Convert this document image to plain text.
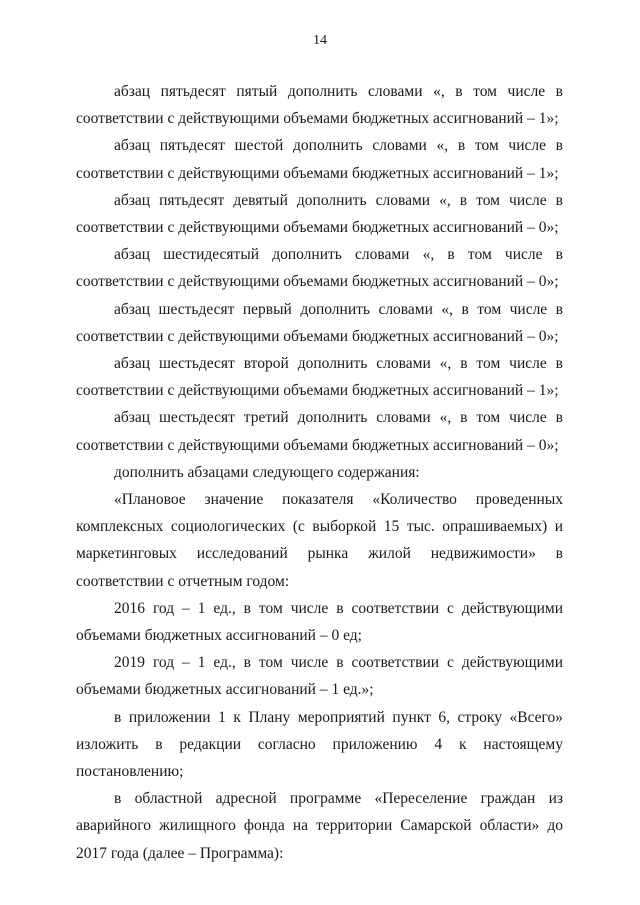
14

абзац пятьдесят пятый дополнить словами «, в том числе в соответствии с действующими объемами бюджетных ассигнований – 1»;

абзац пятьдесят шестой дополнить словами «, в том числе в соответствии с действующими объемами бюджетных ассигнований – 1»;

абзац пятьдесят девятый дополнить словами «, в том числе в соответствии с действующими объемами бюджетных ассигнований – 0»;

абзац шестидесятый дополнить словами «, в том числе в соответствии с действующими объемами бюджетных ассигнований – 0»;

абзац шестьдесят первый дополнить словами «, в том числе в соответствии с действующими объемами бюджетных ассигнований – 0»;

абзац шестьдесят второй дополнить словами «, в том числе в соответствии с действующими объемами бюджетных ассигнований – 1»;

абзац шестьдесят третий дополнить словами «, в том числе в соответствии с действующими объемами бюджетных ассигнований – 0»;

дополнить абзацами следующего содержания:

«Плановое значение показателя «Количество проведенных комплексных социологических (с выборкой 15 тыс. опрашиваемых) и маркетинговых исследований рынка жилой недвижимости» в соответствии с отчетным годом:

2016 год – 1 ед., в том числе в соответствии с действующими объемами бюджетных ассигнований – 0 ед;

2019 год – 1 ед., в том числе в соответствии с действующими объемами бюджетных ассигнований – 1 ед.»;

в приложении 1 к Плану мероприятий пункт 6, строку «Всего» изложить в редакции согласно приложению 4 к настоящему постановлению;

в областной адресной программе «Переселение граждан из аварийного жилищного фонда на территории Самарской области» до 2017 года (далее – Программа):
